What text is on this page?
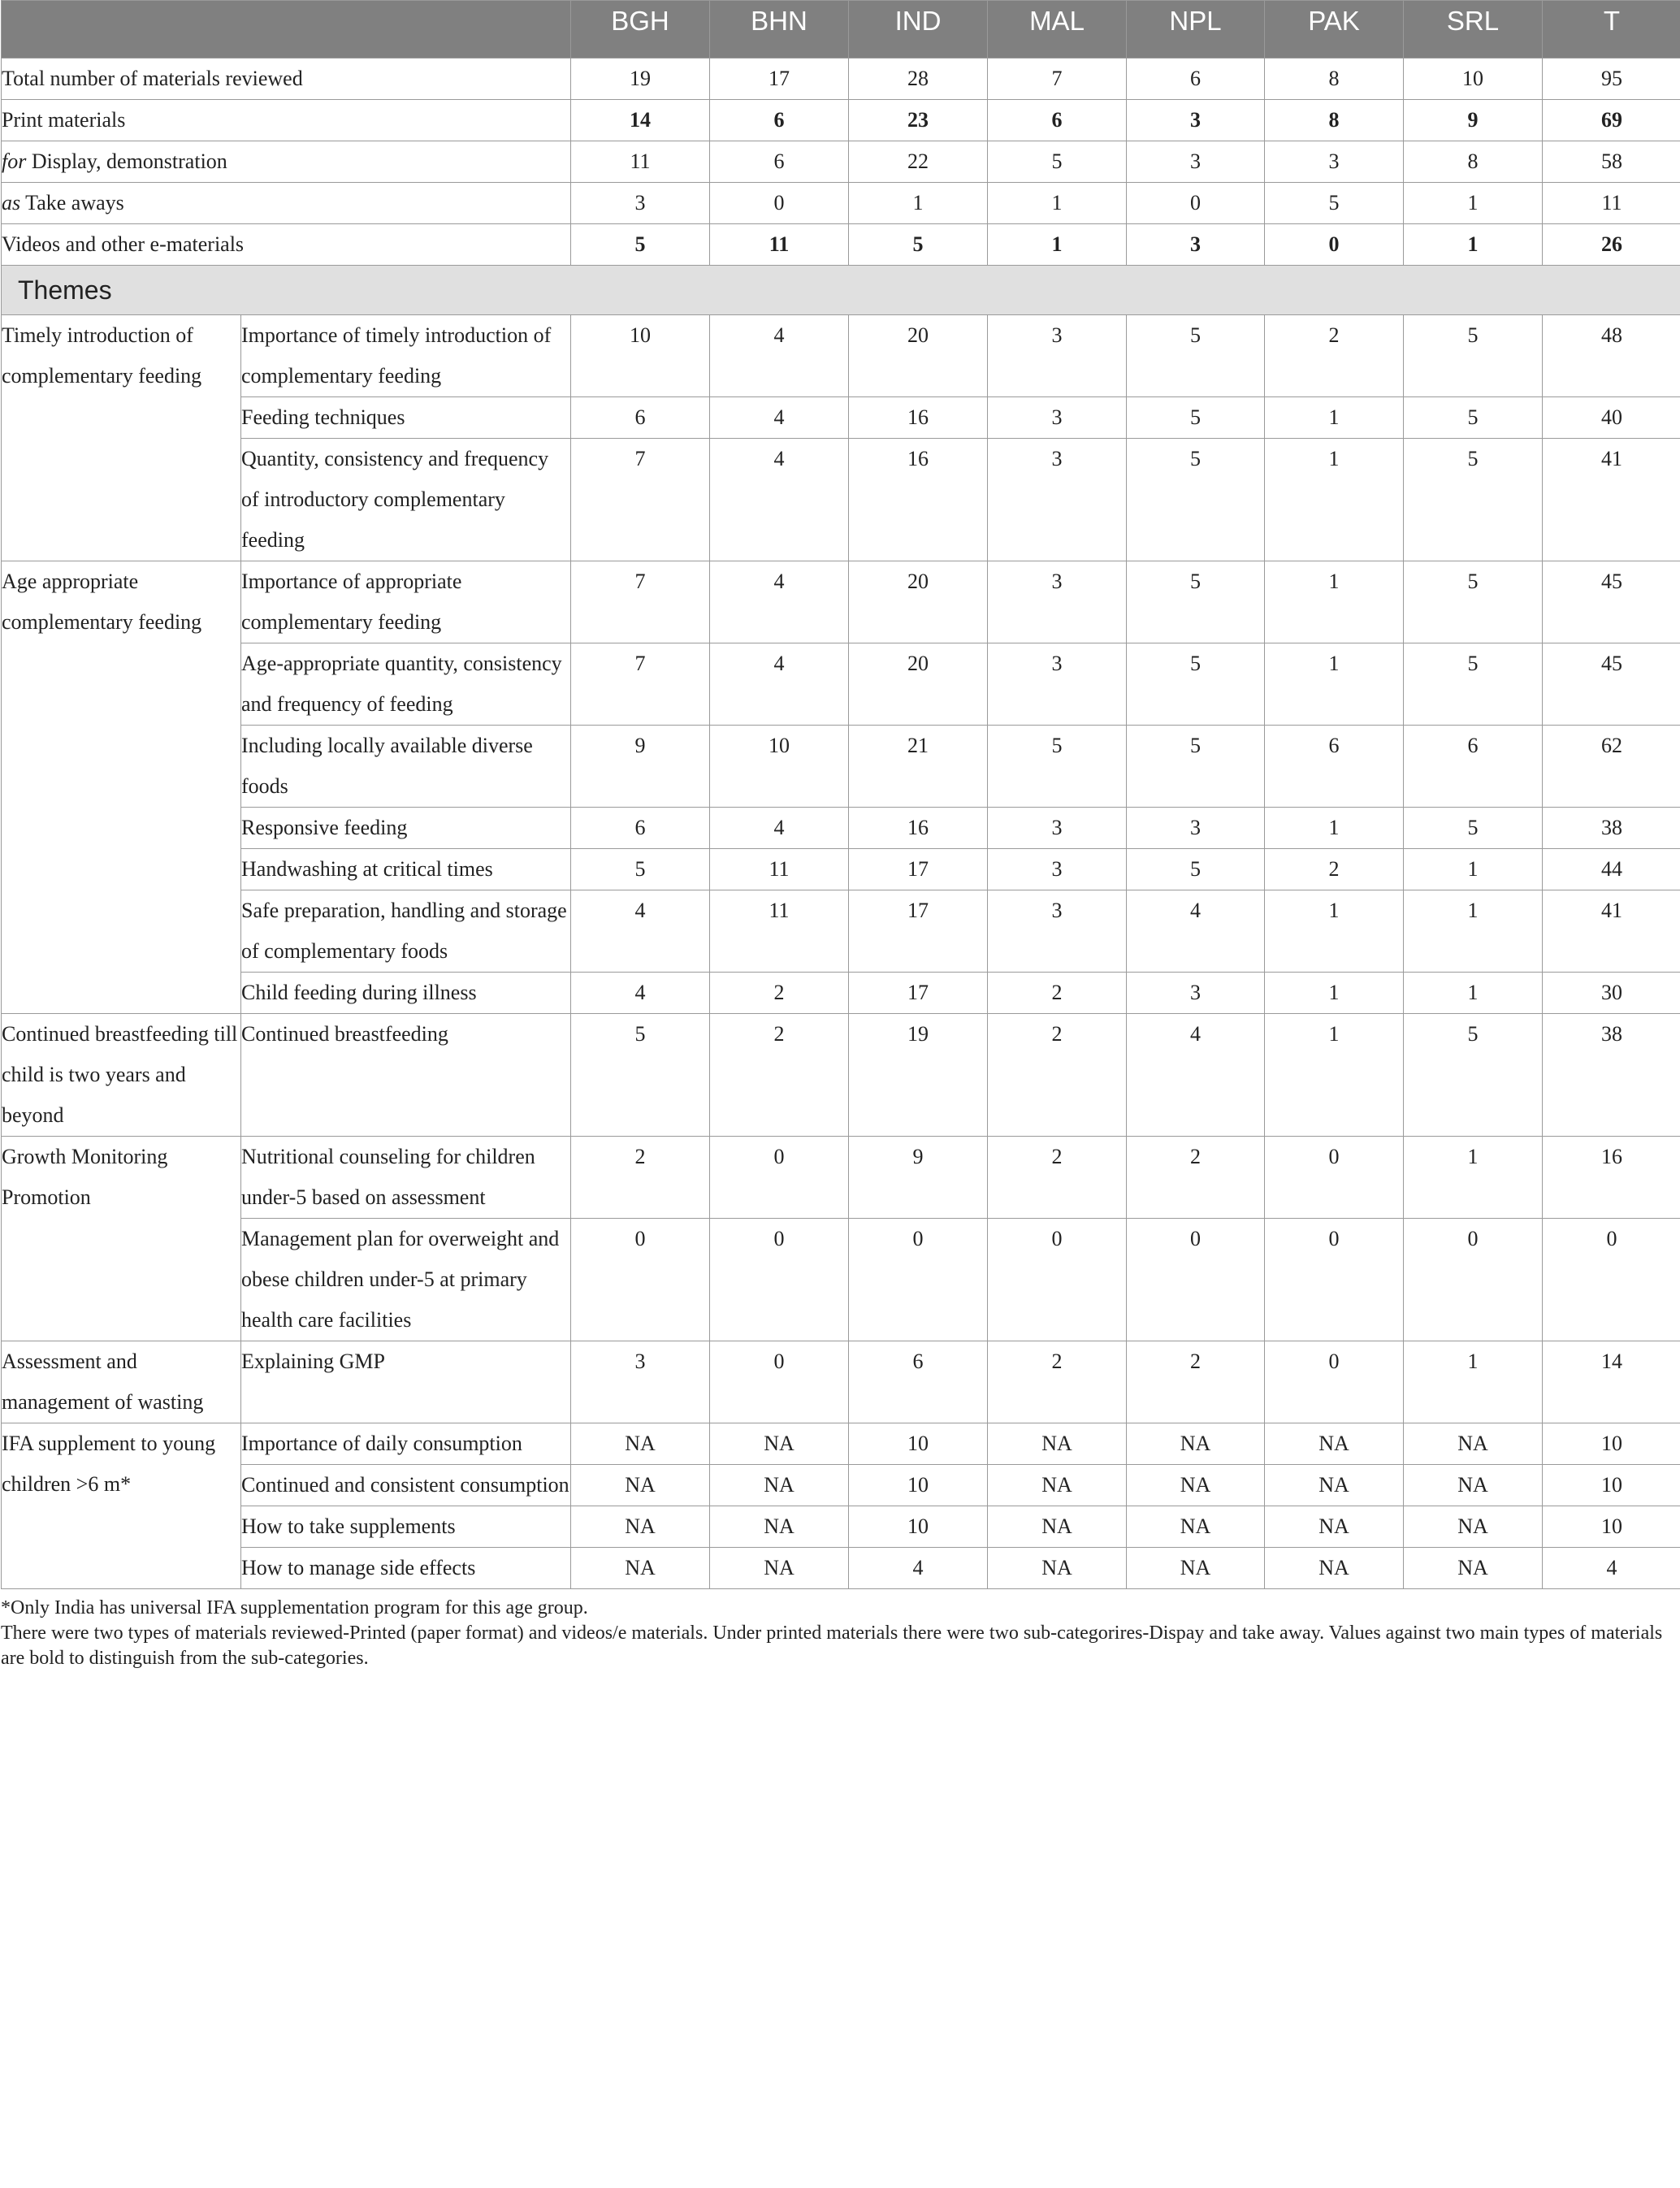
		BGH	BHN	IND	MAL	NPL	PAK	SRL	T
Total number of materials reviewed		19	17	28	7	6	8	10	95
Print materials		14	6	23	6	3	8	9	69
for Display, demonstration		11	6	22	5	3	3	8	58
as Take aways		3	0	1	1	0	5	1	11
Videos and other e-materials		5	11	5	1	3	0	1	26
Themes									
Timely introduction of complementary feeding	Importance of timely introduction of complementary feeding	10	4	20	3	5	2	5	48
	Feeding techniques	6	4	16	3	5	1	5	40
	Quantity, consistency and frequency of introductory complementary feeding	7	4	16	3	5	1	5	41
Age appropriate complementary feeding	Importance of appropriate complementary feeding	7	4	20	3	5	1	5	45
	Age-appropriate quantity, consistency and frequency of feeding	7	4	20	3	5	1	5	45
	Including locally available diverse foods	9	10	21	5	5	6	6	62
	Responsive feeding	6	4	16	3	3	1	5	38
	Handwashing at critical times	5	11	17	3	5	2	1	44
	Safe preparation, handling and storage of complementary foods	4	11	17	3	4	1	1	41
	Child feeding during illness	4	2	17	2	3	1	1	30
Continued breastfeeding till child is two years and beyond	Continued breastfeeding	5	2	19	2	4	1	5	38
Growth Monitoring Promotion	Nutritional counseling for children under-5 based on assessment	2	0	9	2	2	0	1	16
	Management plan for overweight and obese children under-5 at primary health care facilities	0	0	0	0	0	0	0	0
Assessment and management of wasting	Explaining GMP	3	0	6	2	2	0	1	14
IFA supplement to young children >6 m*	Importance of daily consumption	NA	NA	10	NA	NA	NA	NA	10
	Continued and consistent consumption	NA	NA	10	NA	NA	NA	NA	10
	How to take supplements	NA	NA	10	NA	NA	NA	NA	10
	How to manage side effects	NA	NA	4	NA	NA	NA	NA	4

*Only India has universal IFA supplementation program for this age group.

There were two types of materials reviewed-Printed (paper format) and videos/e materials. Under printed materials there were two sub-categorires-Dispay and take away. Values against two main types of materials are bold to distinguish from the sub-categories.
